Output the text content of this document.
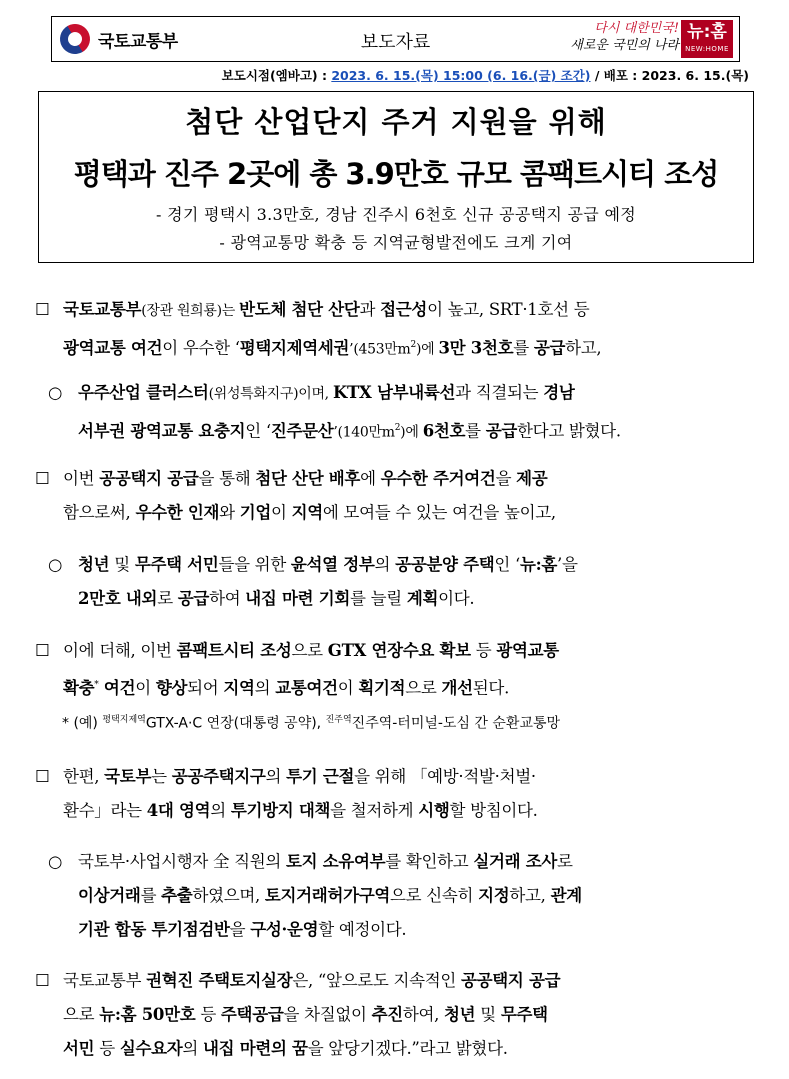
국토교통부	보도자료
다시 대한민국!
새로운 국민의 나라
뉴:홈
NEW:HOME
보도시점(엠바고) : 2023. 6. 15.(목) 15:00 (6. 16.(금) 조간) / 배포 : 2023. 6. 15.(목)
첨단 산업단지 주거 지원을 위해
평택과 진주 2곳에 총 3.9만호 규모 콤팩트시티 조성
- 경기 평택시 3.3만호, 경남 진주시 6천호 신규 공공택지 공급 예정
- 광역교통망 확충 등 지역균형발전에도 크게 기여
☐ 국토교통부(장관 원희룡)는 반도체 첨단 산단과 접근성이 높고, SRT·1호선 등
광역교통 여건이 우수한 ‘평택지제역세권’(453만$m^2$)에 3만 3천호를 공급하고,
○ 우주산업 클러스터(위성특화지구)이며, KTX 남부내륙선과 직결되는 경남
서부권 광역교통 요충지인 ‘진주문산’(140만$m^2$)에 6천호를 공급한다고 밝혔다.
☐ 이번 공공택지 공급을 통해 첨단 산단 배후에 우수한 주거여건을 제공
함으로써, 우수한 인재와 기업이 지역에 모여들 수 있는 여건을 높이고,
○ 청년 및 무주택 서민들을 위한 윤석열 정부의 공공분양 주택인 ‘뉴:홈’을
2만호 내외로 공급하여 내집 마련 기회를 늘릴 계획이다.
☐ 이에 더해, 이번 콤팩트시티 조성으로 GTX 연장수요 확보 등 광역교통
확충* 여건이 향상되어 지역의 교통여건이 획기적으로 개선된다.
* (예) $^{평택지제역}$GTX-A·C 연장(대통령 공약), $^{진주역}$진주역-터미널-도심 간 순환교통망
☐ 한편, 국토부는 공공주택지구의 투기 근절을 위해 「예방·적발·처벌·
환수」라는 4대 영역의 투기방지 대책을 철저하게 시행할 방침이다.
○ 국토부·사업시행자 全 직원의 토지 소유여부를 확인하고 실거래 조사로
이상거래를 추출하였으며, 토지거래허가구역으로 신속히 지정하고, 관계
기관 합동 투기점검반을 구성·운영할 예정이다.
☐ 국토교통부 권혁진 주택토지실장은, “앞으로도 지속적인 공공택지 공급
으로 뉴:홈 50만호 등 주택공급을 차질없이 추진하여, 청년 및 무주택
서민 등 실수요자의 내집 마련의 꿈을 앞당기겠다.”라고 밝혔다.
